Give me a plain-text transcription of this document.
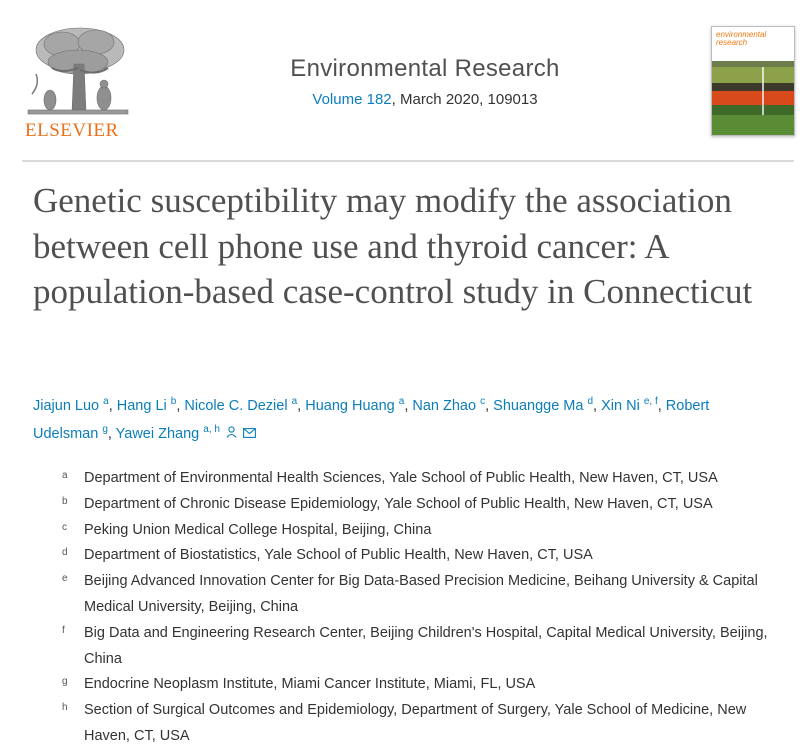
ELSEVIER
Environmental Research
Volume 182, March 2020, 109013
environmental research
Genetic susceptibility may modify the association between cell phone use and thyroid cancer: A population-based case-control study in Connecticut
Jiajun Luo $^a$, Hang Li $^b$, Nicole C. Deziel $^a$, Huang Huang $^a$, Nan Zhao $^c$, Shuangge Ma $^d$, Xin Ni $^{e, f}$, Robert Udelsman $^g$, Yawei Zhang $^{a, h}$
a Department of Environmental Health Sciences, Yale School of Public Health, New Haven, CT, USA
b Department of Chronic Disease Epidemiology, Yale School of Public Health, New Haven, CT, USA
c Peking Union Medical College Hospital, Beijing, China
d Department of Biostatistics, Yale School of Public Health, New Haven, CT, USA
e Beijing Advanced Innovation Center for Big Data-Based Precision Medicine, Beihang University & Capital Medical University, Beijing, China
f Big Data and Engineering Research Center, Beijing Children's Hospital, Capital Medical University, Beijing, China
g Endocrine Neoplasm Institute, Miami Cancer Institute, Miami, FL, USA
h Section of Surgical Outcomes and Epidemiology, Department of Surgery, Yale School of Medicine, New Haven, CT, USA
